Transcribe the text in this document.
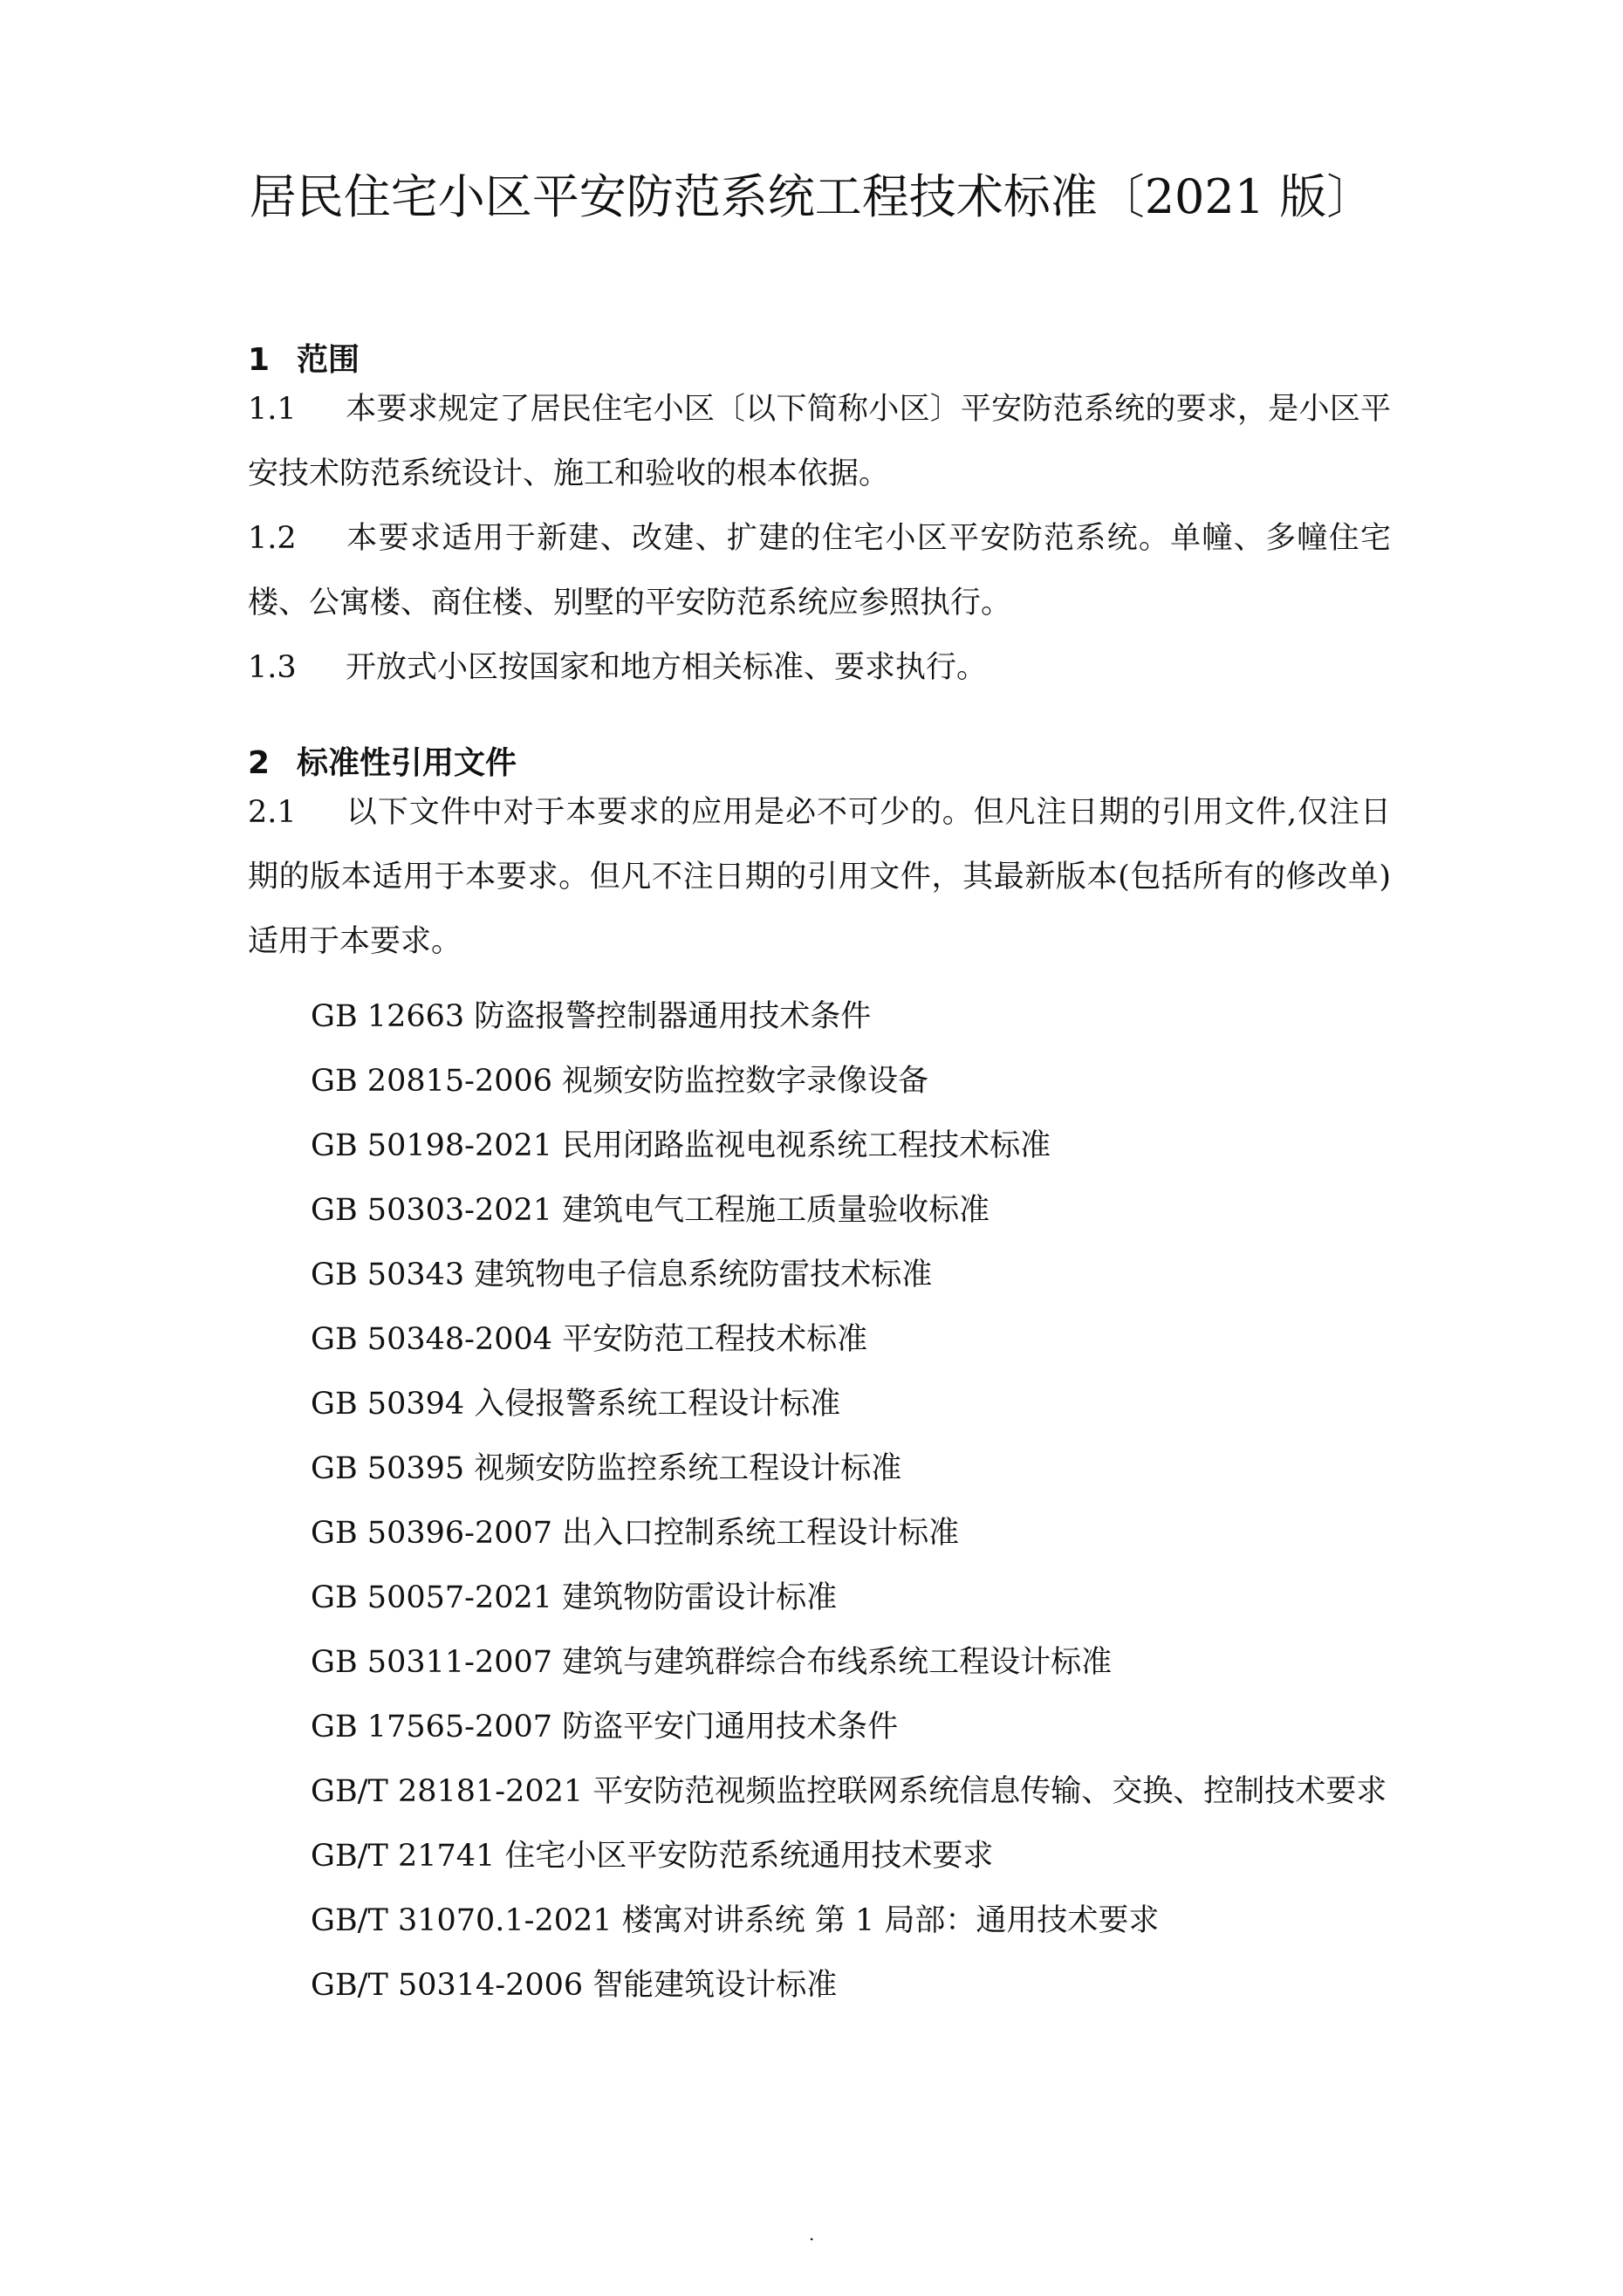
居民住宅小区平安防范系统工程技术标准〔2021 版〕
1 范围
1.1 本要求规定了居民住宅小区〔以下简称小区〕平安防范系统的要求，是小区平安技术防范系统设计、施工和验收的根本依据。
1.2 本要求适用于新建、改建、扩建的住宅小区平安防范系统。单幢、多幢住宅楼、公寓楼、商住楼、别墅的平安防范系统应参照执行。
1.3 开放式小区按国家和地方相关标准、要求执行。
2 标准性引用文件
2.1 以下文件中对于本要求的应用是必不可少的。但凡注日期的引用文件,仅注日期的版本适用于本要求。但凡不注日期的引用文件，其最新版本(包括所有的修改单)适用于本要求。
GB 12663 防盗报警控制器通用技术条件
GB 20815-2006 视频安防监控数字录像设备
GB 50198-2021 民用闭路监视电视系统工程技术标准
GB 50303-2021 建筑电气工程施工质量验收标准
GB 50343 建筑物电子信息系统防雷技术标准
GB 50348-2004 平安防范工程技术标准
GB 50394 入侵报警系统工程设计标准
GB 50395 视频安防监控系统工程设计标准
GB 50396-2007 出入口控制系统工程设计标准
GB 50057-2021 建筑物防雷设计标准
GB 50311-2007 建筑与建筑群综合布线系统工程设计标准
GB 17565-2007 防盗平安门通用技术条件
GB/T 28181-2021 平安防范视频监控联网系统信息传输、交换、控制技术要求
GB/T 21741 住宅小区平安防范系统通用技术要求
GB/T 31070.1-2021 楼寓对讲系统 第 1 局部：通用技术要求
GB/T 50314-2006 智能建筑设计标准
.
